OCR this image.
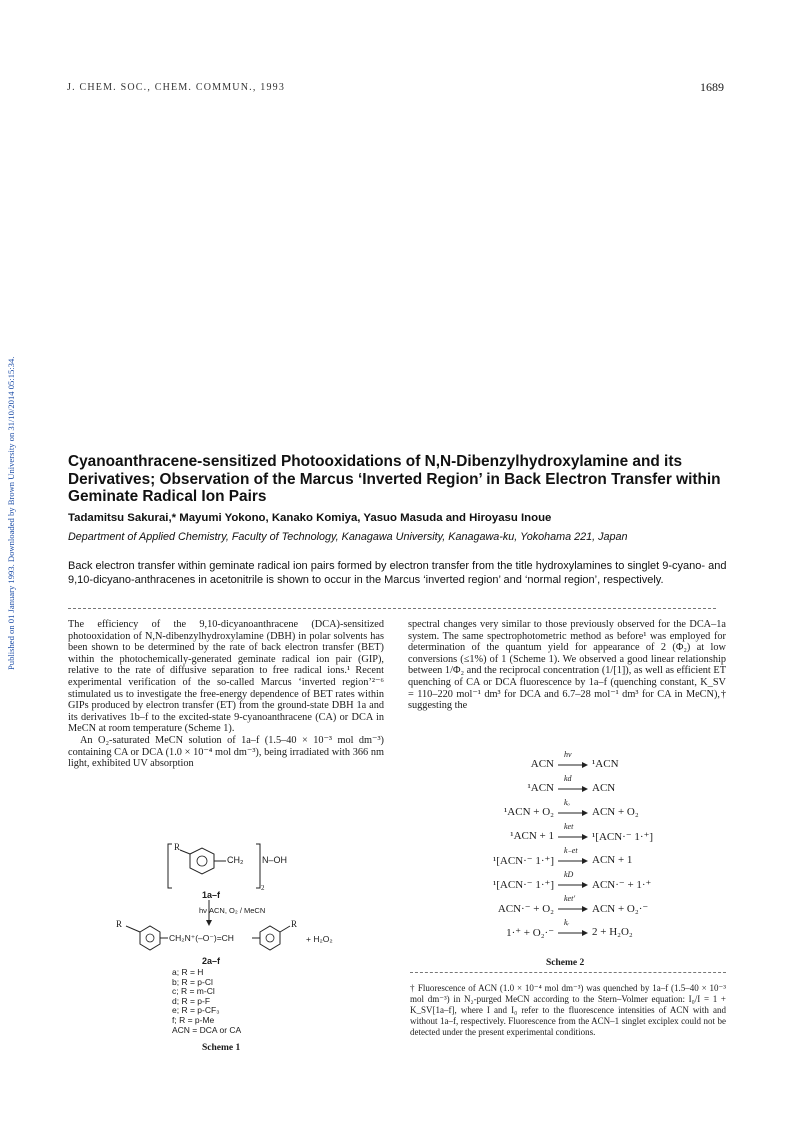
J. CHEM. SOC., CHEM. COMMUN., 1993	1689
Published on 01 January 1993. Downloaded by Brown University on 31/10/2014 05:15:34.	Cyanoanthracene-sensitized Photooxidations of N,N-Dibenzylhydroxylamine and its Derivatives; Observation of the Marcus ‘Inverted Region’ in Back Electron Transfer within Geminate Radical Ion Pairs
Tadamitsu Sakurai,* Mayumi Yokono, Kanako Komiya, Yasuo Masuda and Hiroyasu Inoue
Department of Applied Chemistry, Faculty of Technology, Kanagawa University, Kanagawa-ku, Yokohama 221, Japan
Back electron transfer within geminate radical ion pairs formed by electron transfer from the title hydroxylamines to singlet 9-cyano- and 9,10-dicyano-anthracenes in acetonitrile is shown to occur in the Marcus ‘inverted region’ and ‘normal region’, respectively.

The efficiency of the 9,10-dicyanoanthracene (DCA)-sensitized photooxidation of N,N-dibenzylhydroxylamine (DBH) in polar solvents has been shown to be determined by the rate of back electron transfer (BET) within the photochemically-generated geminate radical ion pair (GIP), relative to the rate of diffusive separation to free radical ions.¹ Recent experimental verification of the so-called Marcus ‘inverted region’²⁻⁶ stimulated us to investigate the free-energy dependence of BET rates within GIPs produced by electron transfer (ET) from the ground-state DBH 1a and its derivatives 1b–f to the excited-state 9-cyanoanthracene (CA) or DCA in MeCN at room temperature (Scheme 1).

An O₂-saturated MeCN solution of 1a–f (1.5–40 × 10⁻³ mol dm⁻³) containing CA or DCA (1.0 × 10⁻⁴ mol dm⁻³), being irradiated with 366 nm light, exhibited UV absorption

R
CH₂ N–OH
2
1a–f
hν ACN, O₂ / MeCN
R
CH₂N⁺(–O⁻)=CH
R
+ H₂O₂
2a–f
a; R = H
b; R = p-Cl
c; R = m-Cl
d; R = p-F
e; R = p-CF₃
f; R = p-Me
ACN = DCA or CA
Scheme 1

spectral changes very similar to those previously observed for the DCA–1a system. The same spectrophotometric method as before¹ was employed for determination of the quantum yield for appearance of 2 (Φ₂) at low conversions (≤1%) of 1 (Scheme 1). We observed a good linear relationship between 1/Φ₂ and the reciprocal concentration (1/[1]), as well as efficient ET quenching of CA or DCA fluorescence by 1a–f (quenching constant, K_SV = 110–220 mol⁻¹ dm³ for DCA and 6.7–28 mol⁻¹ dm³ for CA in MeCN),† suggesting the

ACN
hν
¹ACN
¹ACN
kd
ACN
¹ACN + O₂
kₒ
ACN + O₂
¹ACN + 1
ket
¹[ACN·⁻ 1·⁺]
¹[ACN·⁻ 1·⁺]
k₋et
ACN + 1
¹[ACN·⁻ 1·⁺]
kD
ACN·⁻ + 1·⁺
ACN·⁻ + O₂
ket'
ACN + O₂·⁻
1·⁺ + O₂·⁻
kᵣ
2 + H₂O₂
Scheme 2
† Fluorescence of ACN (1.0 × 10⁻⁴ mol dm⁻³) was quenched by 1a–f (1.5–40 × 10⁻³ mol dm⁻³) in N₂-purged MeCN according to the Stern–Volmer equation: I₀/I = 1 + K_SV[1a–f], where I and I₀ refer to the fluorescence intensities of ACN with and without 1a–f, respectively. Fluorescence from the ACN–1 singlet exciplex could not be detected under the present experimental conditions.
